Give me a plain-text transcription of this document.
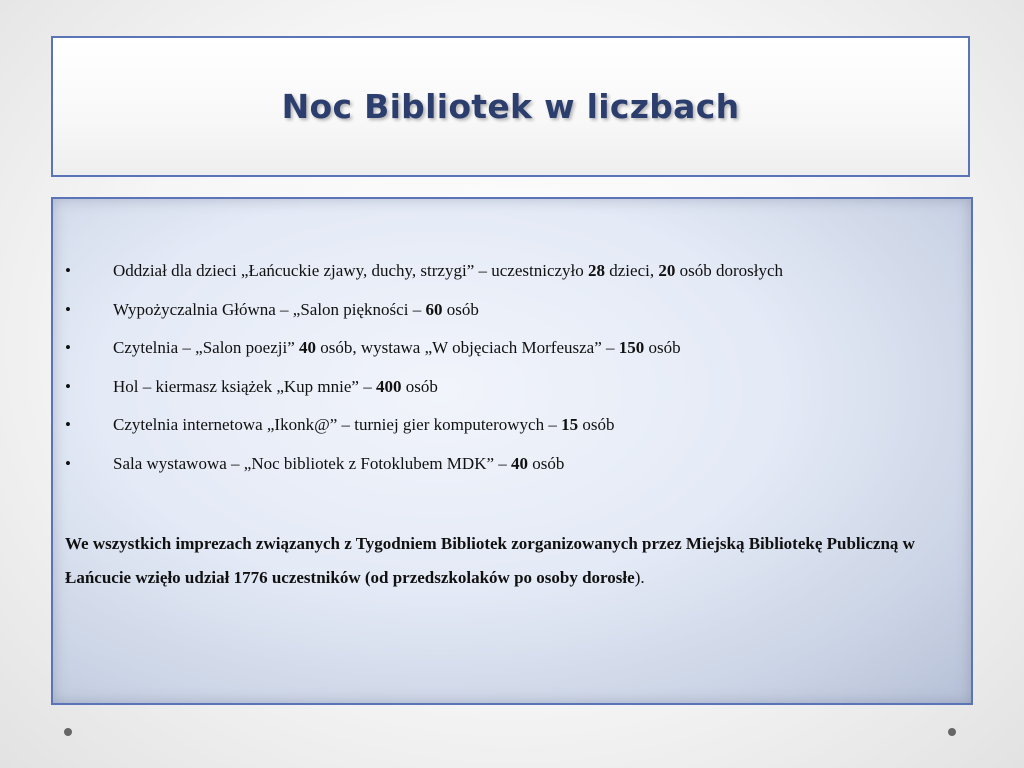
Noc Bibliotek w liczbach
• Oddział dla dzieci „Łańcuckie zjawy, duchy, strzygi” – uczestniczyło 28 dzieci, 20 osób dorosłych
• Wypożyczalnia Główna – „Salon piękności – 60 osób
• Czytelnia – „Salon poezji” 40 osób, wystawa „W objęciach Morfeusza” – 150 osób
• Hol – kiermasz książek „Kup mnie” – 400 osób
• Czytelnia internetowa „Ikonk@” – turniej gier komputerowych – 15 osób
• Sala wystawowa – „Noc bibliotek z Fotoklubem MDK” – 40 osób

We wszystkich imprezach związanych z Tygodniem Bibliotek zorganizowanych przez Miejską Bibliotekę Publiczną w Łańcucie wzięło udział 1776 uczestników (od przedszkolaków po osoby dorosłe).
